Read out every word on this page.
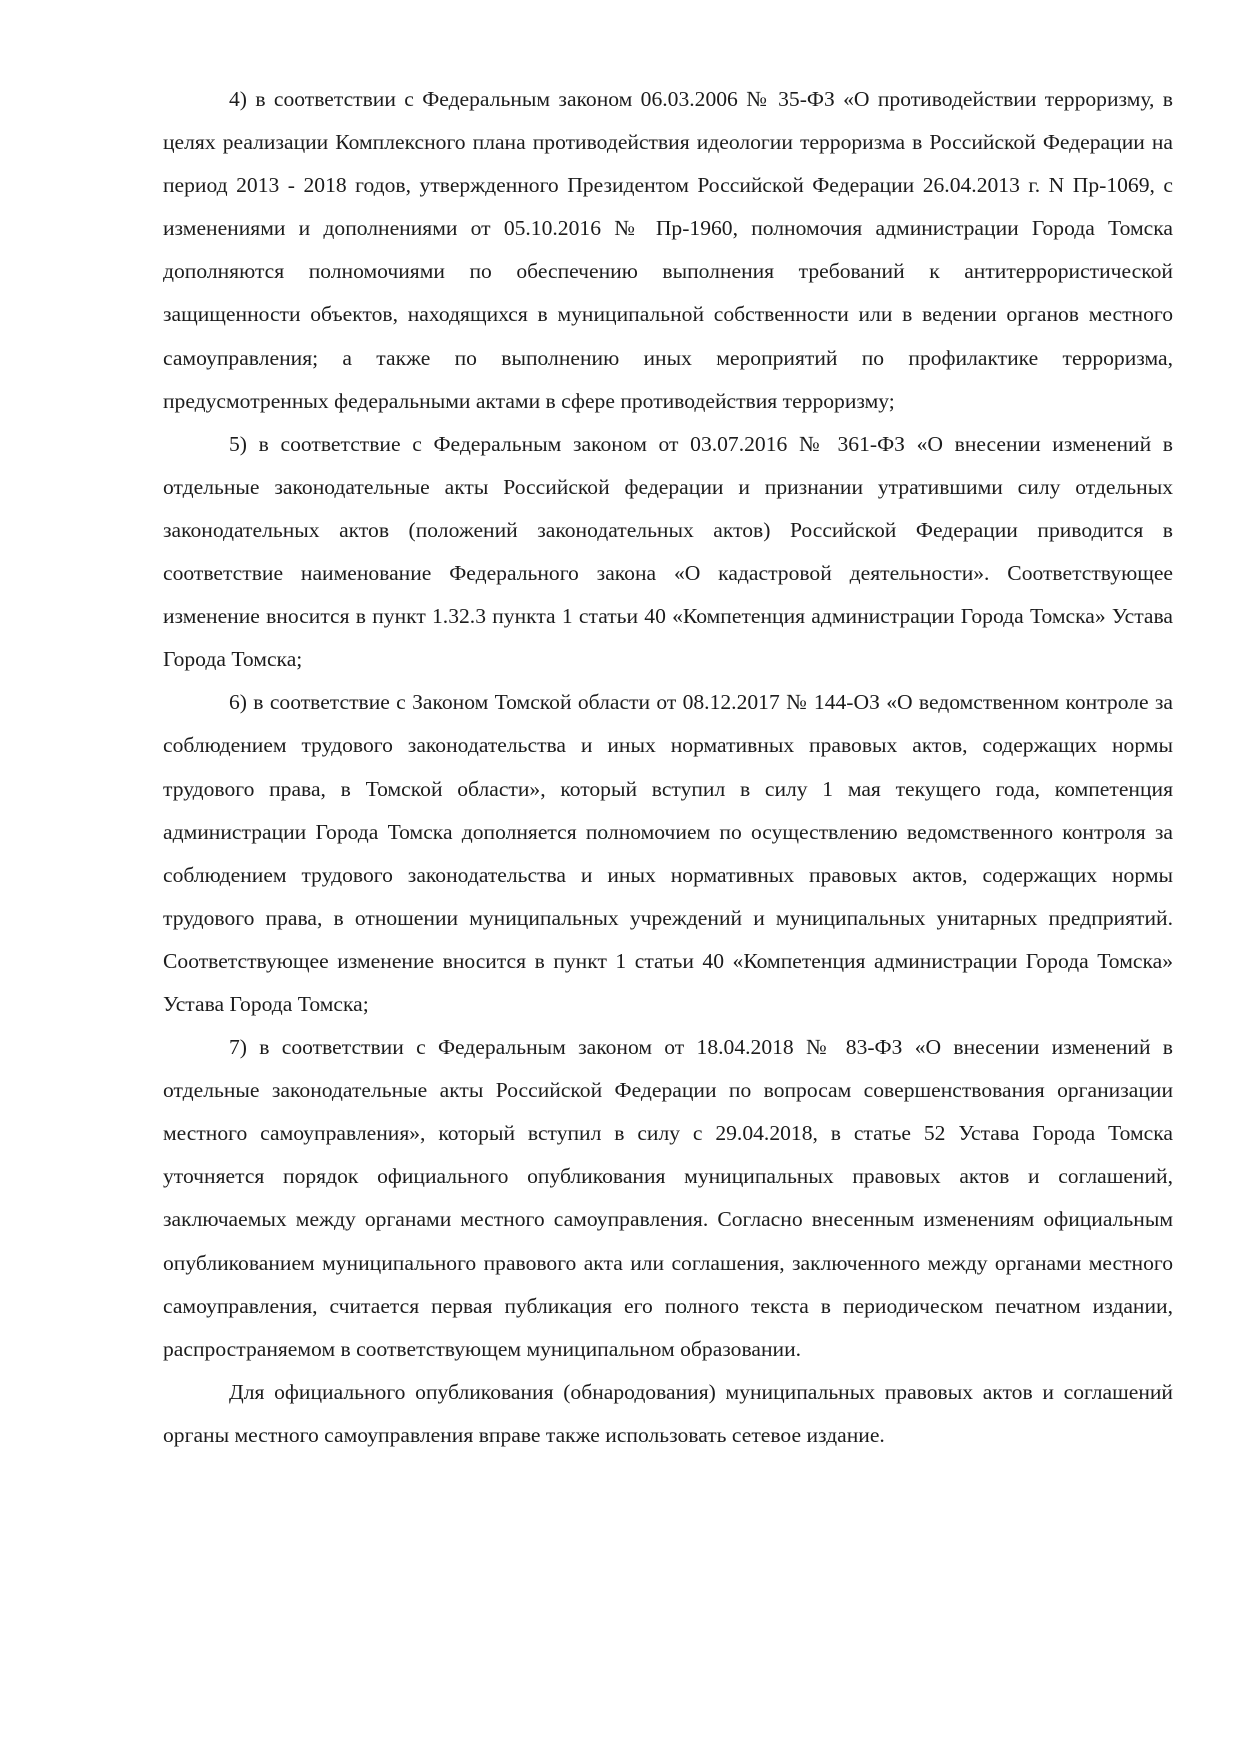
4) в соответствии с Федеральным законом 06.03.2006 № 35-ФЗ «О противодействии терроризму, в целях реализации Комплексного плана противодействия идеологии терроризма в Российской Федерации на период 2013 - 2018 годов, утвержденного Президентом Российской Федерации 26.04.2013 г. N Пр-1069, с изменениями и дополнениями от 05.10.2016 № Пр-1960, полномочия администрации Города Томска дополняются полномочиями по обеспечению выполнения требований к антитеррористической защищенности объектов, находящихся в муниципальной собственности или в ведении органов местного самоуправления; а также по выполнению иных мероприятий по профилактике терроризма, предусмотренных федеральными актами в сфере противодействия терроризму;

5) в соответствие с Федеральным законом от 03.07.2016 № 361-ФЗ «О внесении изменений в отдельные законодательные акты Российской федерации и признании утратившими силу отдельных законодательных актов (положений законодательных актов) Российской Федерации приводится в соответствие наименование Федерального закона «О кадастровой деятельности». Соответствующее изменение вносится в пункт 1.32.3 пункта 1 статьи 40 «Компетенция администрации Города Томска» Устава Города Томска;

6) в соответствие с Законом Томской области от 08.12.2017 № 144-ОЗ «О ведомственном контроле за соблюдением трудового законодательства и иных нормативных правовых актов, содержащих нормы трудового права, в Томской области», который вступил в силу 1 мая текущего года, компетенция администрации Города Томска дополняется полномочием по осуществлению ведомственного контроля за соблюдением трудового законодательства и иных нормативных правовых актов, содержащих нормы трудового права, в отношении муниципальных учреждений и муниципальных унитарных предприятий. Соответствующее изменение вносится в пункт 1 статьи 40 «Компетенция администрации Города Томска» Устава Города Томска;

7) в соответствии с Федеральным законом от 18.04.2018 № 83-ФЗ «О внесении изменений в отдельные законодательные акты Российской Федерации по вопросам совершенствования организации местного самоуправления», который вступил в силу с 29.04.2018, в статье 52 Устава Города Томска уточняется порядок официального опубликования муниципальных правовых актов и соглашений, заключаемых между органами местного самоуправления. Согласно внесенным изменениям официальным опубликованием муниципального правового акта или соглашения, заключенного между органами местного самоуправления, считается первая публикация его полного текста в периодическом печатном издании, распространяемом в соответствующем муниципальном образовании.

Для официального опубликования (обнародования) муниципальных правовых актов и соглашений органы местного самоуправления вправе также использовать сетевое издание.
